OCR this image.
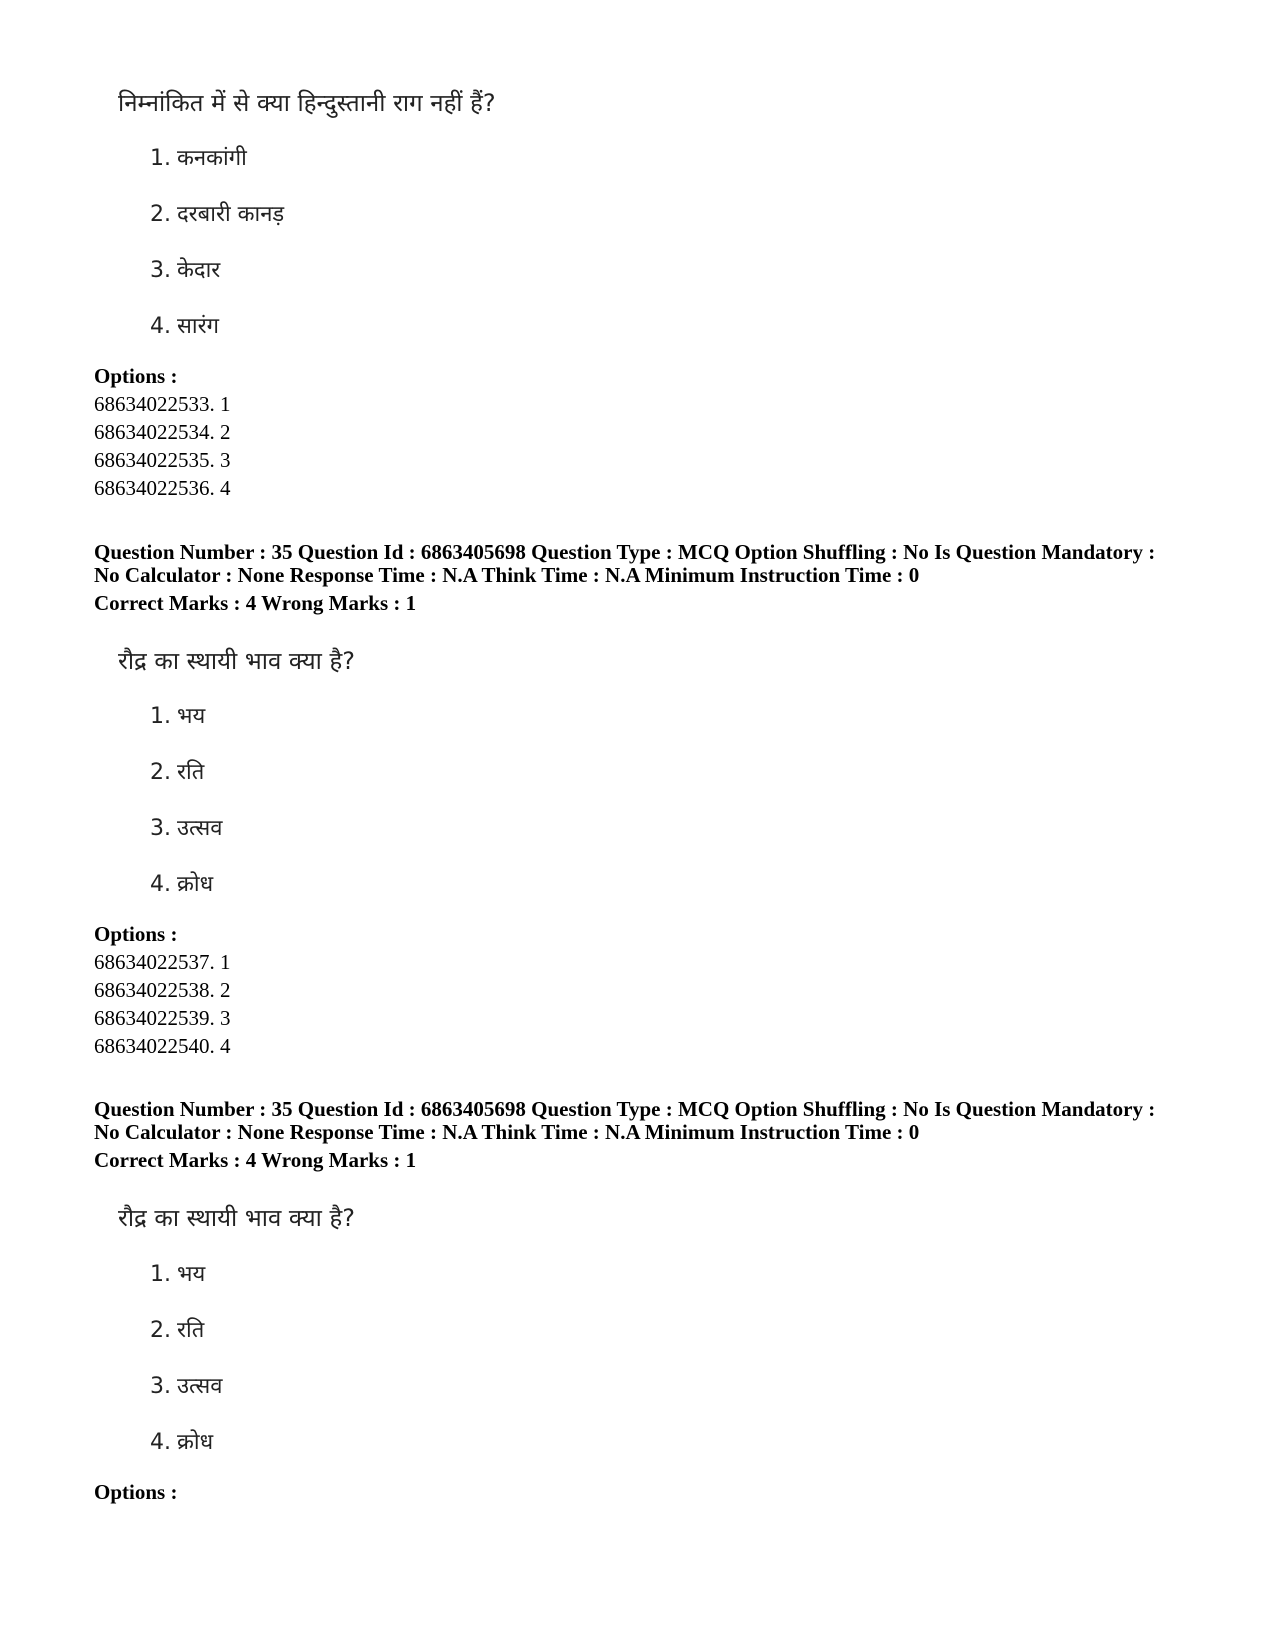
निम्नांकित में से क्या हिन्दुस्तानी राग नहीं हैं?
1. कनकांगी
2. दरबारी कानड़
3. केदार
4. सारंग
Options :
68634022533. 1
68634022534. 2
68634022535. 3
68634022536. 4
Question Number : 35 Question Id : 6863405698 Question Type : MCQ Option Shuffling : No Is Question Mandatory :
No Calculator : None Response Time : N.A Think Time : N.A Minimum Instruction Time : 0
Correct Marks : 4 Wrong Marks : 1
रौद्र का स्थायी भाव क्या है?
1. भय
2. रति
3. उत्सव
4. क्रोध
Options :
68634022537. 1
68634022538. 2
68634022539. 3
68634022540. 4
Question Number : 35 Question Id : 6863405698 Question Type : MCQ Option Shuffling : No Is Question Mandatory :
No Calculator : None Response Time : N.A Think Time : N.A Minimum Instruction Time : 0
Correct Marks : 4 Wrong Marks : 1
रौद्र का स्थायी भाव क्या है?
1. भय
2. रति
3. उत्सव
4. क्रोध
Options :
